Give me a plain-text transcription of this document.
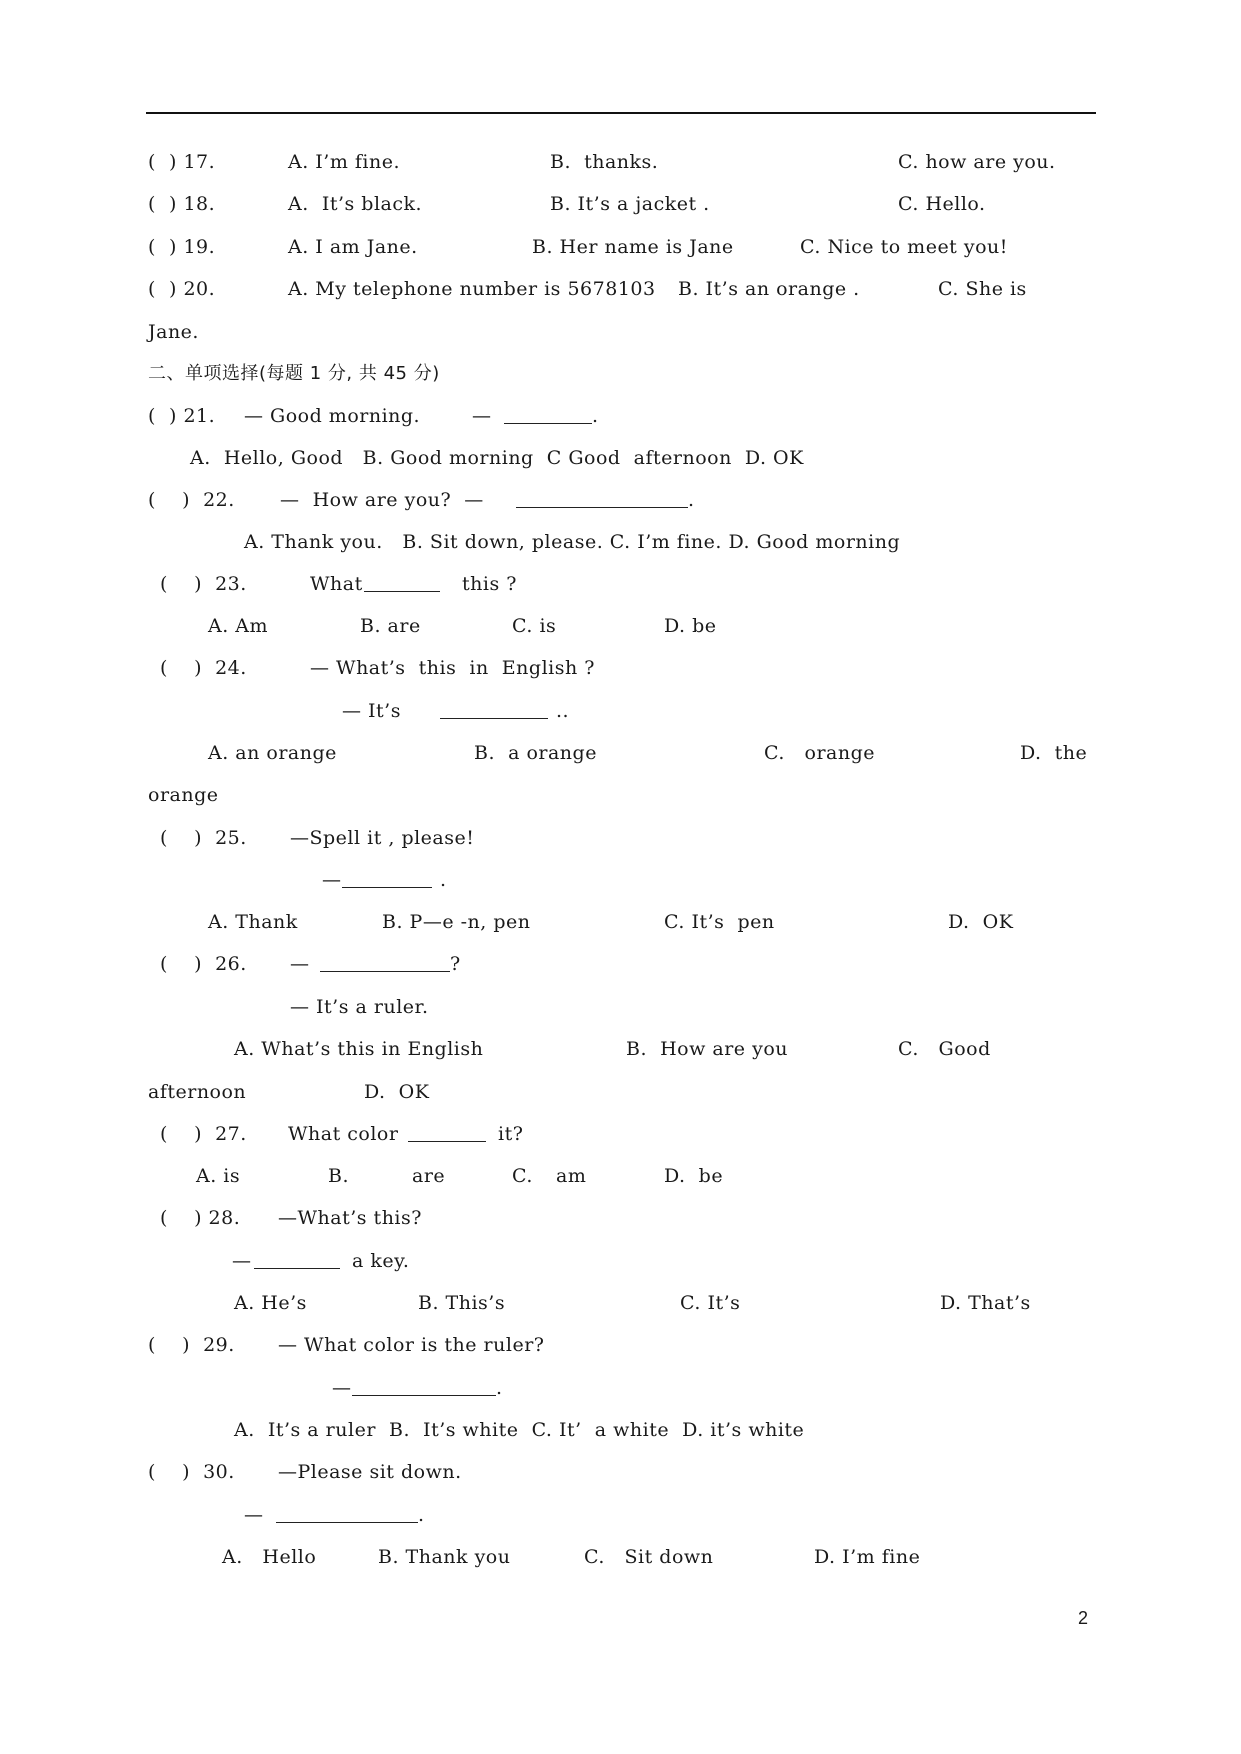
(  ) 17.	A. I’m fine.	B.  thanks.	C. how are you.
(  ) 18.	A.  It’s black.	B. It’s a jacket .	C. Hello.
(  ) 19.	A. I am Jane.	B. Her name is Jane	C. Nice to meet you!
(  ) 20.	A. My telephone number is 5678103 B. It’s an orange .	C. She is
Jane.
二、单项选择(每题 1 分, 共 45 分)
(  ) 21. — Good morning.	—	.
A.  Hello, Good   B. Good morning  C Good  afternoon  D. OK
(    )  22. —  How are you?  —	.
A. Thank you.   B. Sit down, please. C. I’m fine. D. Good morning
(    )  23.	What	this ?
A. Am	B. are	C. is	D. be
(    )  24.	— What’s  this  in  English ?
— It’s	..
A. an orange	B.  a orange	C.   orange	D.  the
orange
(    )  25. —Spell it , please!
—	.
A. Thank	B. P—e -n, pen	C. It’s  pen	D.  OK
(    )  26. —	?
— It’s a ruler.
A. What’s this in English	B.  How are you	C.   Good
afternoon	D.  OK
(    )  27. What color	it?
A. is	B.	are	C. am	D.  be
(    ) 28. —What’s this?
—	a key.
A. He’s	B. This’s	C. It’s	D. That’s
(    )  29. — What color is the ruler?
—	.
A.  It’s a ruler  B.  It’s white  C. It’  a white  D. it’s white
(    )  30. —Please sit down.
—	.
A.   Hello	B. Thank you	C.   Sit down	D. I’m fine
2
